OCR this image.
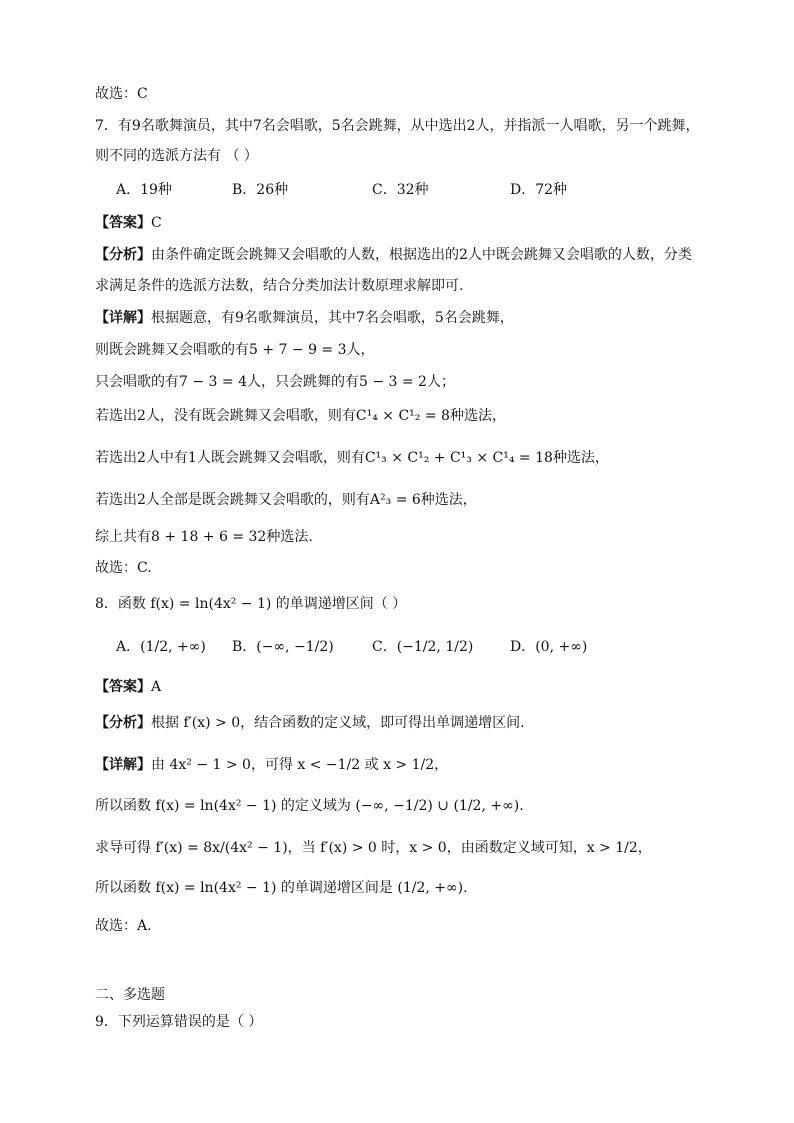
故选：C
7．有9名歌舞演员，其中7名会唱歌，5名会跳舞，从中选出2人，并指派一人唱歌，另一个跳舞，
则不同的选派方法有 （ ）
A．19种	B．26种	C．32种	D．72种
【答案】C
【分析】由条件确定既会跳舞又会唱歌的人数，根据选出的2人中既会跳舞又会唱歌的人数，分类
求满足条件的选派方法数，结合分类加法计数原理求解即可.
【详解】根据题意，有9名歌舞演员，其中7名会唱歌，5名会跳舞，
则既会跳舞又会唱歌的有5 + 7 − 9 = 3人，
只会唱歌的有7 − 3 = 4人，只会跳舞的有5 − 3 = 2人；
若选出2人，没有既会跳舞又会唱歌，则有C¹₄ × C¹₂ = 8种选法，
若选出2人中有1人既会跳舞又会唱歌，则有C¹₃ × C¹₂ + C¹₃ × C¹₄ = 18种选法，
若选出2人全部是既会跳舞又会唱歌的，则有A²₃ = 6种选法，
综上共有8 + 18 + 6 = 32种选法.
故选：C.
8．函数 f(x) = ln(4x² − 1) 的单调递增区间（ ）
A．(1/2, +∞) B．(−∞, −1/2)	C．(−1/2, 1/2)	D．(0, +∞)
【答案】A
【分析】根据 f′(x) > 0，结合函数的定义域，即可得出单调递增区间.
【详解】由 4x² − 1 > 0，可得 x < −1/2 或 x > 1/2，
所以函数 f(x) = ln(4x² − 1) 的定义域为 (−∞, −1/2) ∪ (1/2, +∞).
求导可得 f′(x) = 8x/(4x² − 1)，当 f′(x) > 0 时，x > 0，由函数定义域可知，x > 1/2，
所以函数 f(x) = ln(4x² − 1) 的单调递增区间是 (1/2, +∞).
故选：A.
二、多选题
9．下列运算错误的是（ ）
